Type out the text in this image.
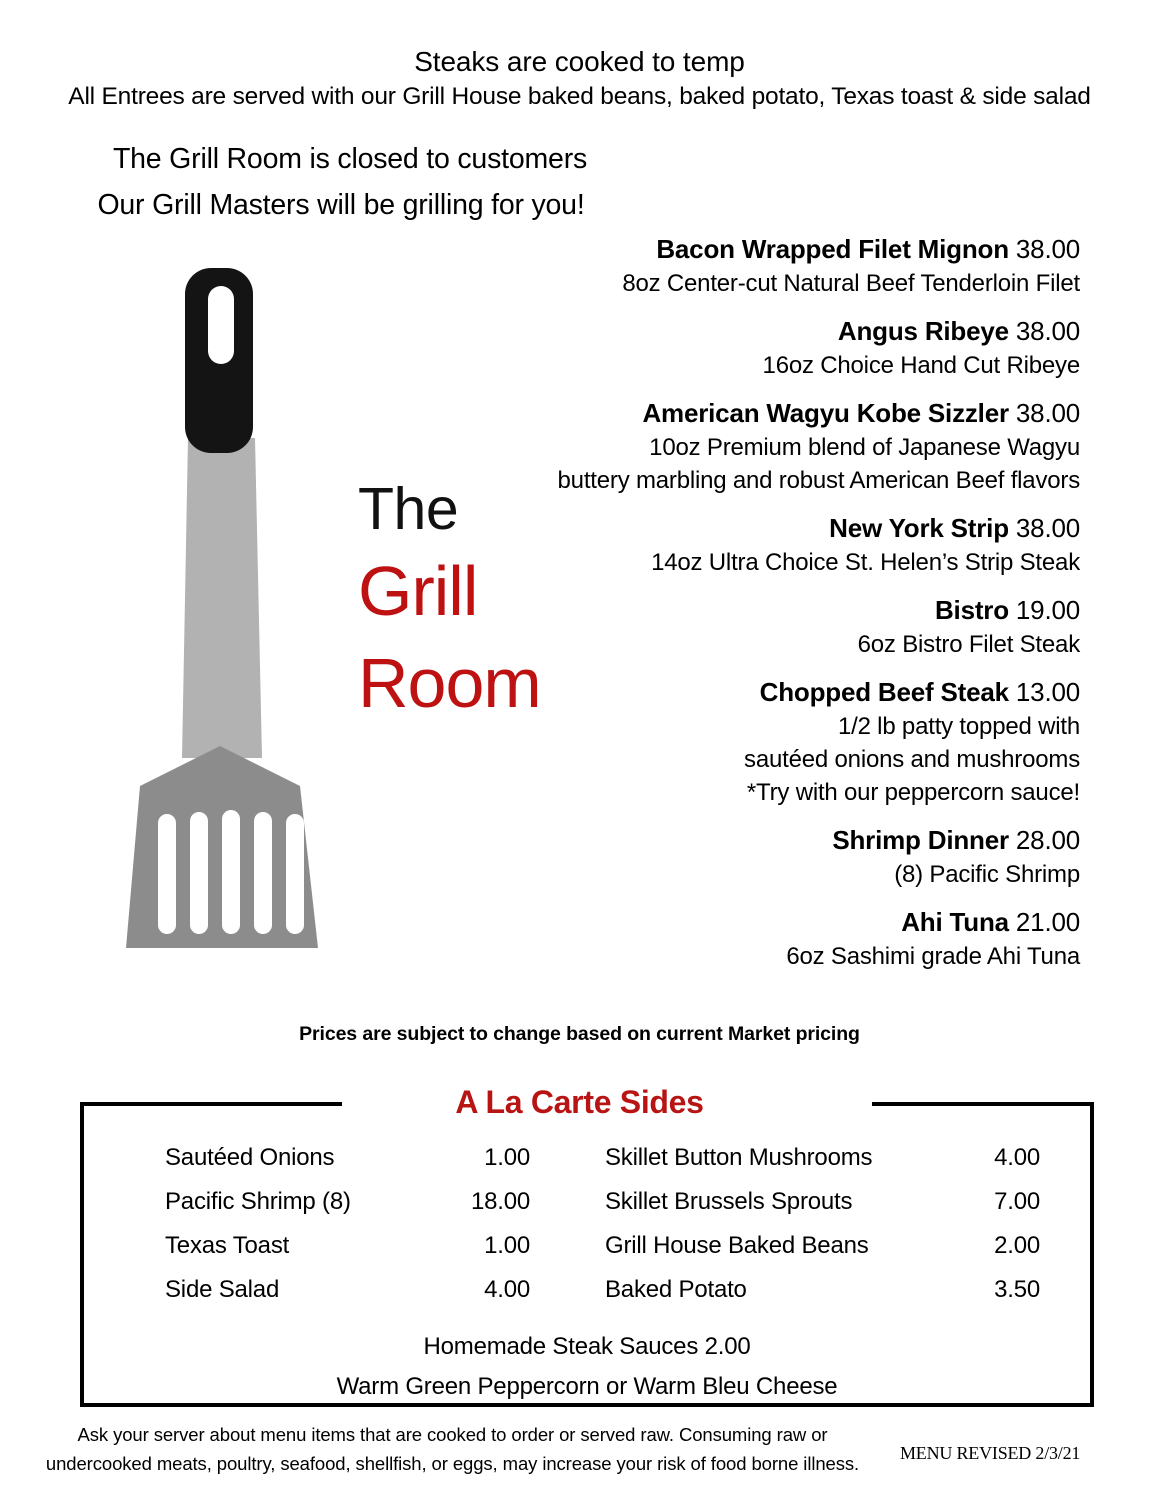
Steaks are cooked to temp
All Entrees are served with our Grill House baked beans, baked potato, Texas toast & side salad
The Grill Room is closed to customers
Our Grill Masters will be grilling for you!
The
Grill
Room
Bacon Wrapped Filet Mignon 38.00
8oz Center-cut Natural Beef Tenderloin Filet
Angus Ribeye 38.00
16oz Choice Hand Cut Ribeye
American Wagyu Kobe Sizzler 38.00
10oz Premium blend of Japanese Wagyu
buttery marbling and robust American Beef flavors
New York Strip 38.00
14oz Ultra Choice St. Helen’s Strip Steak
Bistro 19.00
6oz Bistro Filet Steak
Chopped Beef Steak 13.00
1/2 lb patty topped with
sautéed onions and mushrooms
*Try with our peppercorn sauce!
Shrimp Dinner 28.00
(8) Pacific Shrimp
Ahi Tuna 21.00
6oz Sashimi grade Ahi Tuna
Prices are subject to change based on current Market pricing
A La Carte Sides
Sautéed Onions	1.00	Skillet Button Mushrooms	4.00
Pacific Shrimp (8)	18.00	Skillet Brussels Sprouts	7.00
Texas Toast	1.00	Grill House Baked Beans	2.00
Side Salad	4.00	Baked Potato	3.50
Homemade Steak Sauces 2.00
Warm Green Peppercorn or Warm Bleu Cheese
Ask your server about menu items that are cooked to order or served raw. Consuming raw or
undercooked meats, poultry, seafood, shellfish, or eggs, may increase your risk of food borne illness.	MENU REVISED 2/3/21
